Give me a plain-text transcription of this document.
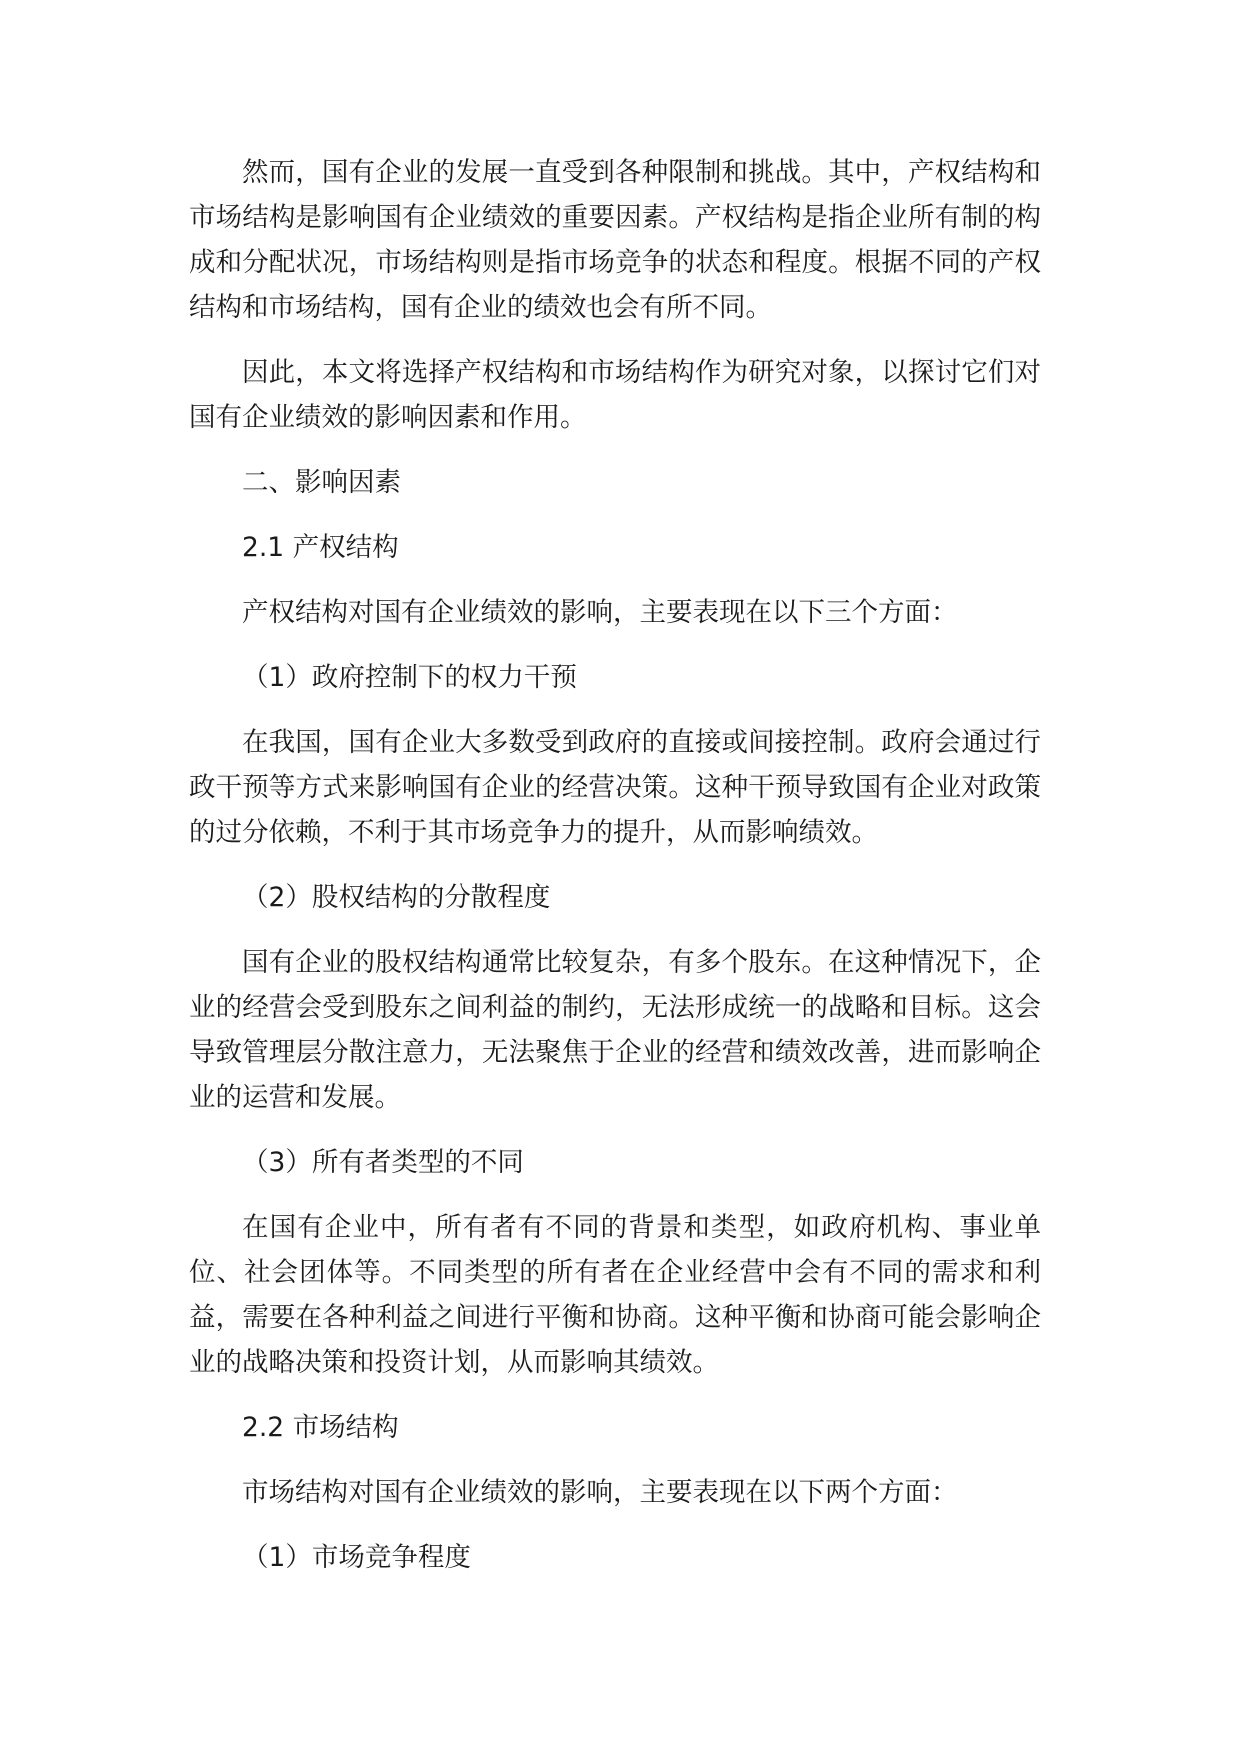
然而，国有企业的发展一直受到各种限制和挑战。其中，产权结构和市场结构是影响国有企业绩效的重要因素。产权结构是指企业所有制的构成和分配状况，市场结构则是指市场竞争的状态和程度。根据不同的产权结构和市场结构，国有企业的绩效也会有所不同。

因此，本文将选择产权结构和市场结构作为研究对象，以探讨它们对国有企业绩效的影响因素和作用。

二、影响因素

2.1 产权结构

产权结构对国有企业绩效的影响，主要表现在以下三个方面：

（1）政府控制下的权力干预

在我国，国有企业大多数受到政府的直接或间接控制。政府会通过行政干预等方式来影响国有企业的经营决策。这种干预导致国有企业对政策的过分依赖，不利于其市场竞争力的提升，从而影响绩效。

（2）股权结构的分散程度

国有企业的股权结构通常比较复杂，有多个股东。在这种情况下，企业的经营会受到股东之间利益的制约，无法形成统一的战略和目标。这会导致管理层分散注意力，无法聚焦于企业的经营和绩效改善，进而影响企业的运营和发展。

（3）所有者类型的不同

在国有企业中，所有者有不同的背景和类型，如政府机构、事业单位、社会团体等。不同类型的所有者在企业经营中会有不同的需求和利益，需要在各种利益之间进行平衡和协商。这种平衡和协商可能会影响企业的战略决策和投资计划，从而影响其绩效。

2.2 市场结构

市场结构对国有企业绩效的影响，主要表现在以下两个方面：

（1）市场竞争程度
